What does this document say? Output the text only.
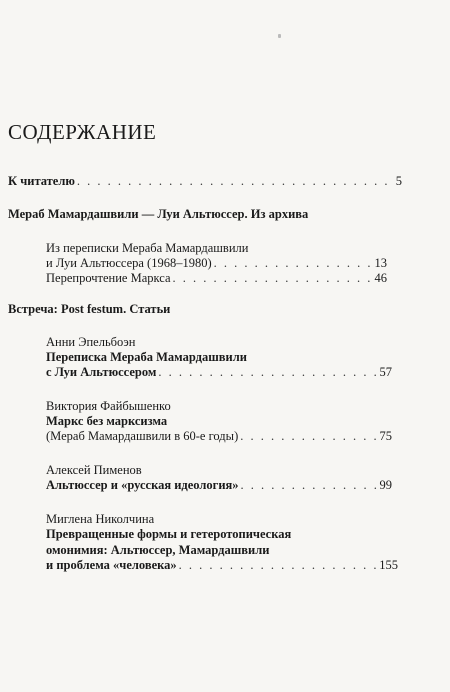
СОДЕРЖАНИЕ
К читателю . . .	5
Мераб Мамардашвили — Луи Альтюссер. Из архива
Из переписки Мераба Мамардашвили
и Луи Альтюссера (1968–1980) . . .	13
Перепрочтение Маркса . . .	46
Встреча: Post festum. Статьи
Анни Эпельбоэн
Переписка Мераба Мамардашвили
с Луи Альтюссером . . .	57
Виктория Файбышенко
Маркс без марксизма
(Мераб Мамардашвили в 60-е годы) . . .	75
Алексей Пименов
Альтюссер и «русская идеология» . . .	99
Миглена Николчина
Превращенные формы и гетеротопическая
омонимия: Альтюссер, Мамардашвили
и проблема «человека» . . .	155
